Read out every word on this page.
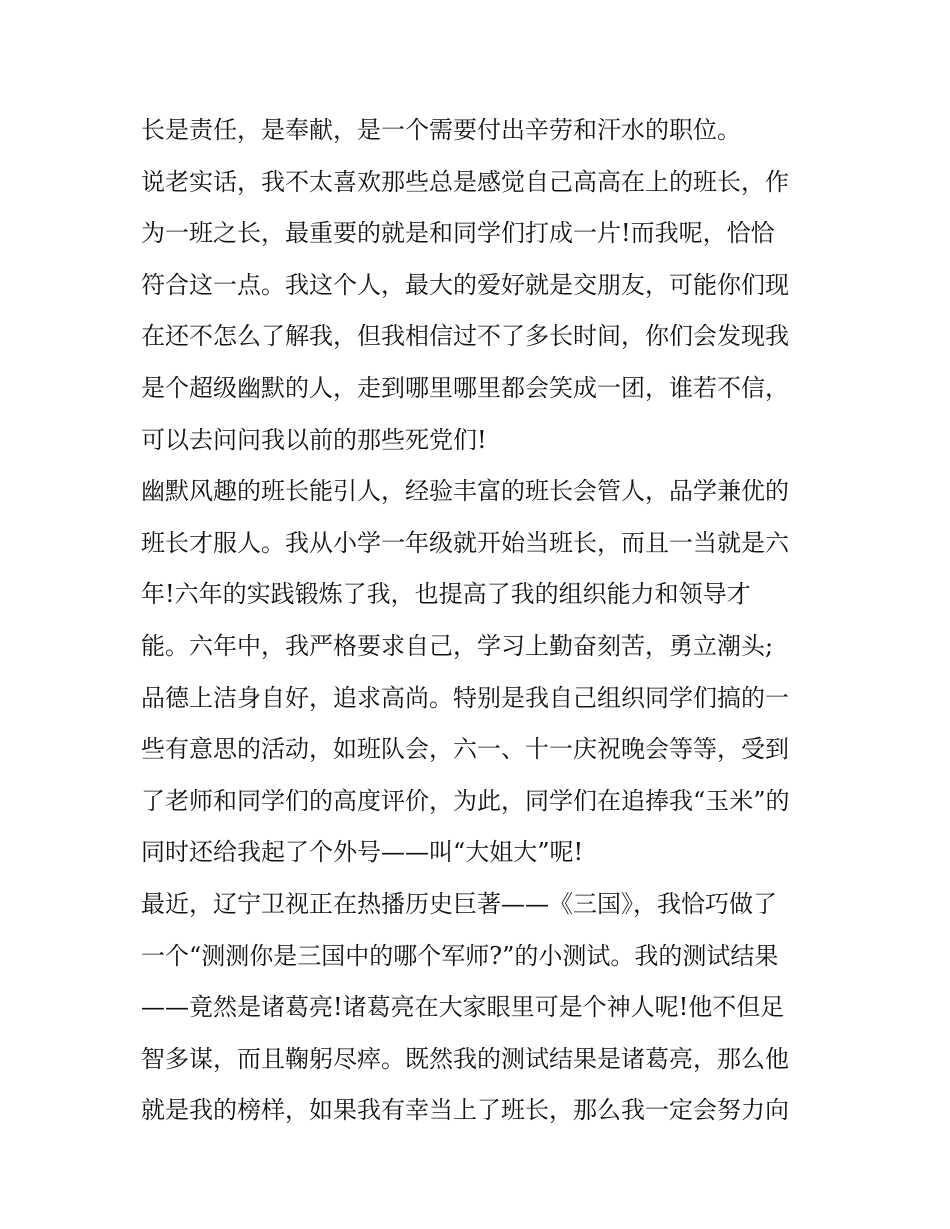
长是责任，是奉献，是一个需要付出辛劳和汗水的职位。
说老实话，我不太喜欢那些总是感觉自己高高在上的班长，作
为一班之长，最重要的就是和同学们打成一片!而我呢，恰恰
符合这一点。我这个人，最大的爱好就是交朋友，可能你们现
在还不怎么了解我，但我相信过不了多长时间，你们会发现我
是个超级幽默的人，走到哪里哪里都会笑成一团，谁若不信，
可以去问问我以前的那些死党们!
幽默风趣的班长能引人，经验丰富的班长会管人，品学兼优的
班长才服人。我从小学一年级就开始当班长，而且一当就是六
年!六年的实践锻炼了我，也提高了我的组织能力和领导才
能。六年中，我严格要求自己，学习上勤奋刻苦，勇立潮头;
品德上洁身自好，追求高尚。特别是我自己组织同学们搞的一
些有意思的活动，如班队会，六一、十一庆祝晚会等等，受到
了老师和同学们的高度评价，为此，同学们在追捧我“玉米”的
同时还给我起了个外号——叫“大姐大”呢!
最近，辽宁卫视正在热播历史巨著——《三国》，我恰巧做了
一个“测测你是三国中的哪个军师?”的小测试。我的测试结果
——竟然是诸葛亮!诸葛亮在大家眼里可是个神人呢!他不但足
智多谋，而且鞠躬尽瘁。既然我的测试结果是诸葛亮，那么他
就是我的榜样，如果我有幸当上了班长，那么我一定会努力向
